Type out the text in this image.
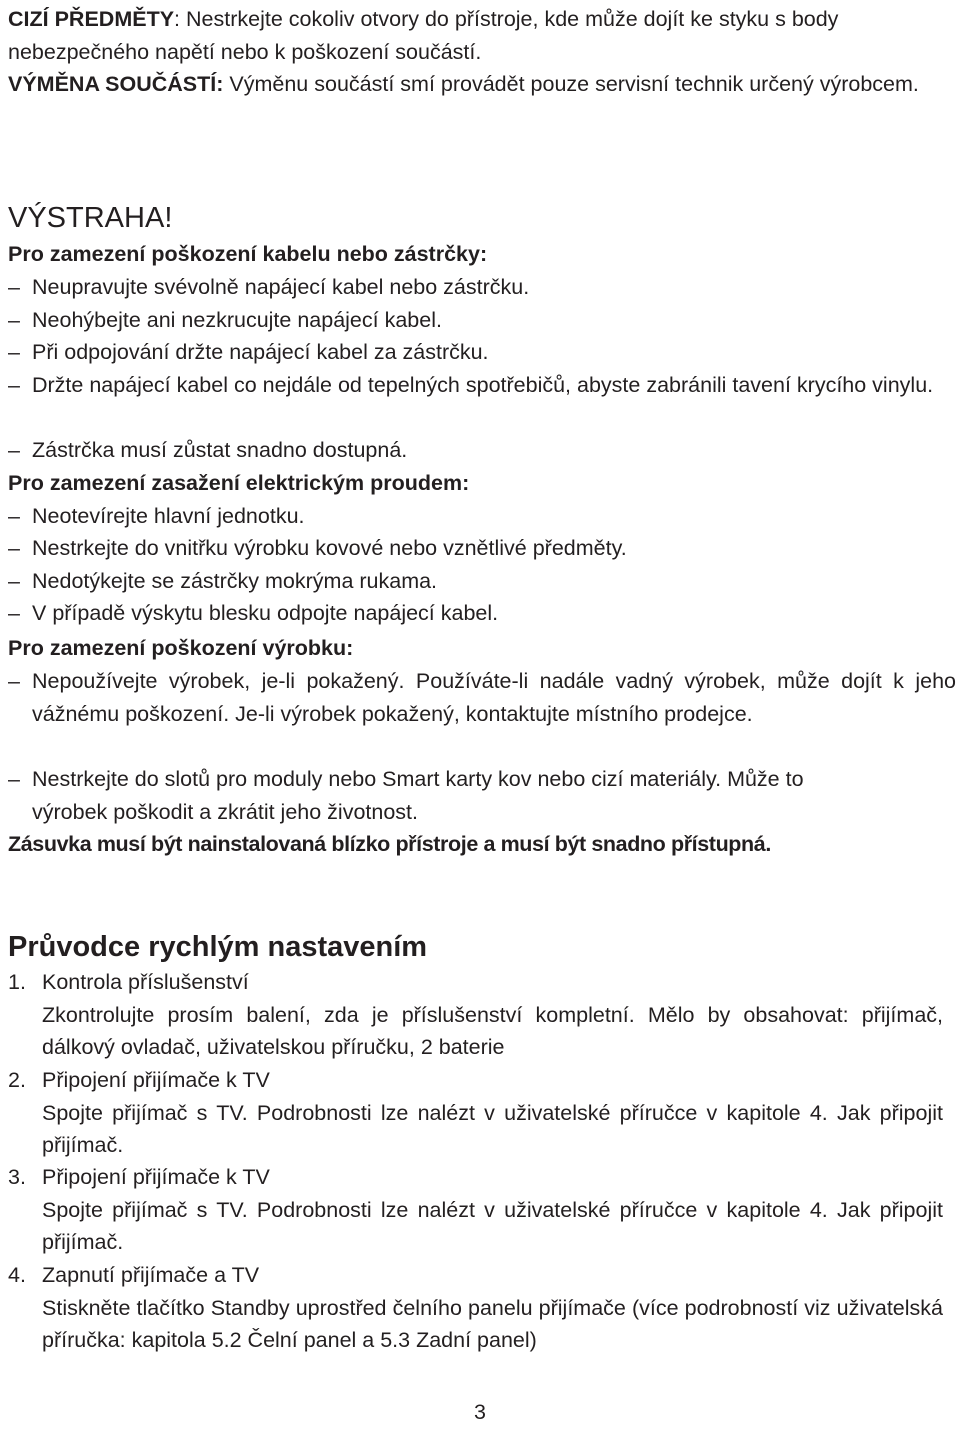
CIZÍ PŘEDMĚTY: Nestrkejte cokoliv otvory do přístroje, kde může dojít ke styku s body nebezpečného napětí nebo k poškození součástí.

VÝMĚNA SOUČÁSTÍ: Výměnu součástí smí provádět pouze servisní technik určený výrobcem.

VÝSTRAHA!
Pro zamezení poškození kabelu nebo zástrčky:
– Neupravujte svévolně napájecí kabel nebo zástrčku.
– Neohýbejte ani nezkrucujte napájecí kabel.
– Při odpojování držte napájecí kabel za zástrčku.
– Držte napájecí kabel co nejdále od tepelných spotřebičů, abyste zabránili tavení krycího vinylu.
– Zástrčka musí zůstat snadno dostupná.
Pro zamezení zasažení elektrickým proudem:
– Neotevírejte hlavní jednotku.
– Nestrkejte do vnitřku výrobku kovové nebo vznětlivé předměty.
– Nedotýkejte se zástrčky mokrýma rukama.
– V případě výskytu blesku odpojte napájecí kabel.
Pro zamezení poškození výrobku:
– Nepoužívejte výrobek, je-li pokažený. Používáte-li nadále vadný výrobek, může dojít k jeho vážnému poškození. Je-li výrobek pokažený, kontaktujte místního prodejce.
– Nestrkejte do slotů pro moduly nebo Smart karty kov nebo cizí materiály. Může to výrobek poškodit a zkrátit jeho životnost.
Zásuvka musí být nainstalovaná blízko přístroje a musí být snadno přístupná.
Průvodce rychlým nastavením
1. Kontrola příslušenství
Zkontrolujte prosím balení, zda je příslušenství kompletní. Mělo by obsahovat: přijímač, dálkový ovladač, uživatelskou příručku, 2 baterie
2. Připojení přijímače k TV
Spojte přijímač s TV. Podrobnosti lze nalézt v uživatelské příručce v kapitole 4. Jak připojit přijímač.
3. Připojení přijímače k TV
Spojte přijímač s TV. Podrobnosti lze nalézt v uživatelské příručce v kapitole 4. Jak připojit přijímač.
4. Zapnutí přijímače a TV
Stiskněte tlačítko Standby uprostřed čelního panelu přijímače (více podrobností viz uživatelská příručka: kapitola 5.2 Čelní panel a 5.3 Zadní panel)
3
